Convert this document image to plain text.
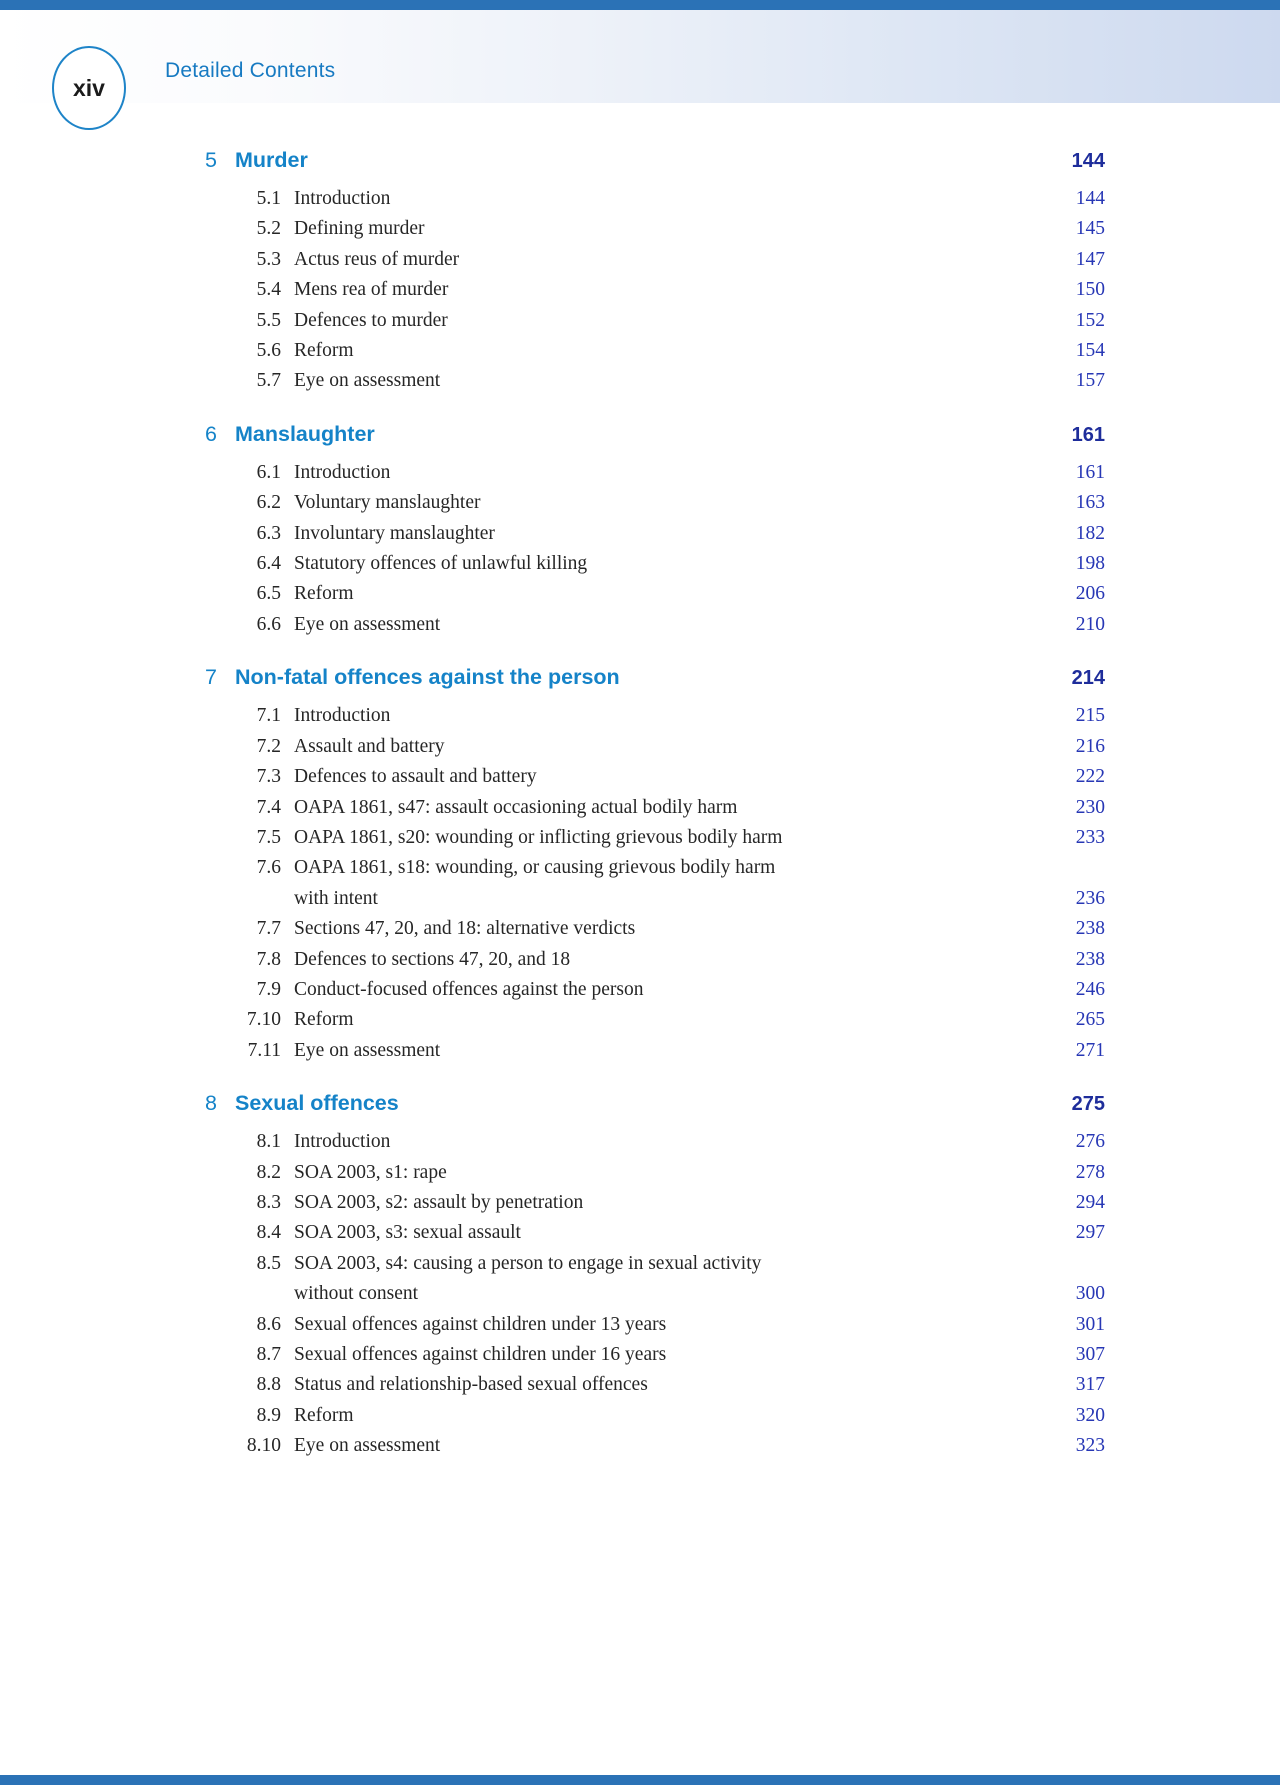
xiv
Detailed Contents
5 Murder	144
5.1 Introduction	144
5.2 Defining murder	145
5.3 Actus reus of murder	147
5.4 Mens rea of murder	150
5.5 Defences to murder	152
5.6 Reform	154
5.7 Eye on assessment	157
6 Manslaughter	161
6.1 Introduction	161
6.2 Voluntary manslaughter	163
6.3 Involuntary manslaughter	182
6.4 Statutory offences of unlawful killing	198
6.5 Reform	206
6.6 Eye on assessment	210
7 Non-fatal offences against the person	214
7.1 Introduction	215
7.2 Assault and battery	216
7.3 Defences to assault and battery	222
7.4 OAPA 1861, s47: assault occasioning actual bodily harm	230
7.5 OAPA 1861, s20: wounding or inflicting grievous bodily harm	233
7.6 OAPA 1861, s18: wounding, or causing grievous bodily harm
with intent	236
7.7 Sections 47, 20, and 18: alternative verdicts	238
7.8 Defences to sections 47, 20, and 18	238
7.9 Conduct-focused offences against the person	246
7.10 Reform	265
7.11 Eye on assessment	271
8 Sexual offences	275
8.1 Introduction	276
8.2 SOA 2003, s1: rape	278
8.3 SOA 2003, s2: assault by penetration	294
8.4 SOA 2003, s3: sexual assault	297
8.5 SOA 2003, s4: causing a person to engage in sexual activity
without consent	300
8.6 Sexual offences against children under 13 years	301
8.7 Sexual offences against children under 16 years	307
8.8 Status and relationship-based sexual offences	317
8.9 Reform	320
8.10 Eye on assessment	323
